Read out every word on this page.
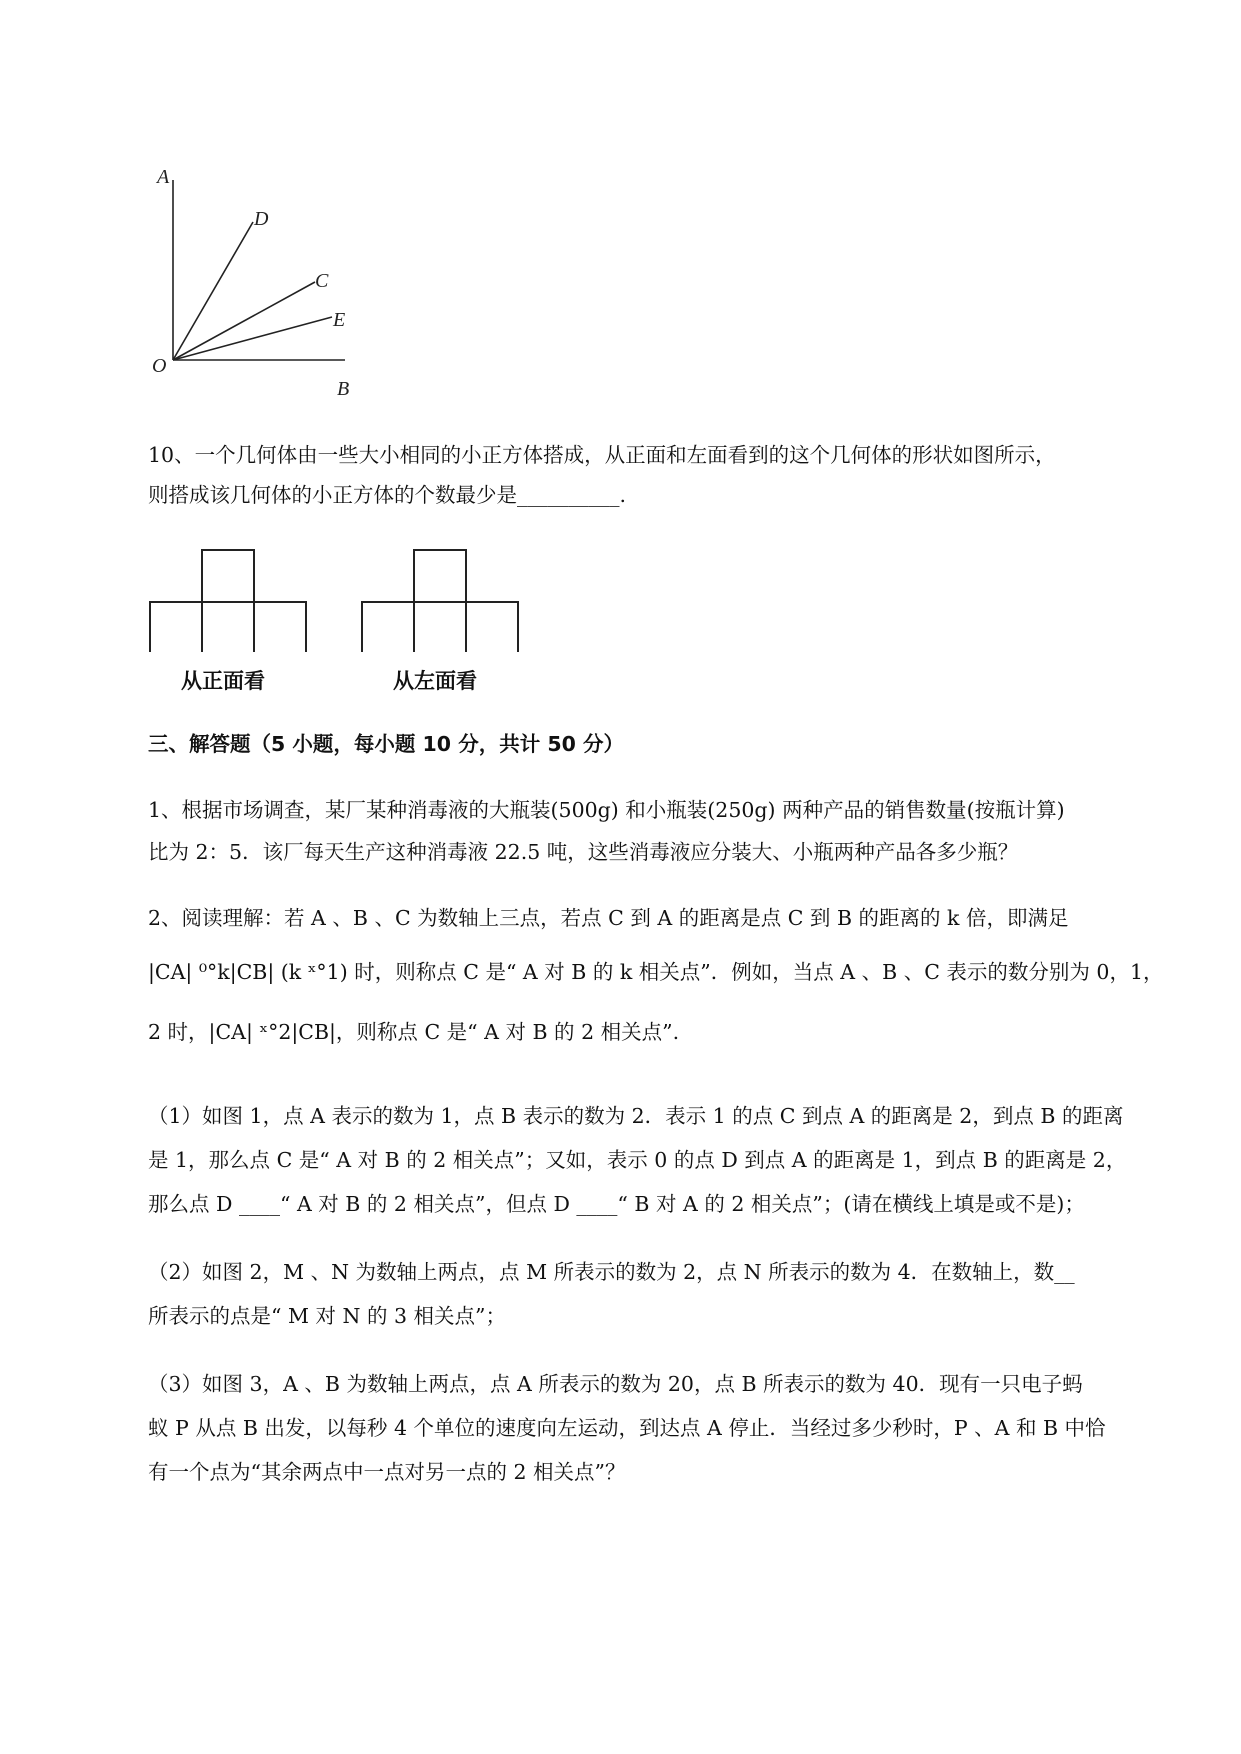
A
D
C
E
O
B

10、一个几何体由一些大小相同的小正方体搭成，从正面和左面看到的这个几何体的形状如图所示，

则搭成该几何体的小正方体的个数最少是__________.

从正面看	从左面看

三、解答题（5 小题，每小题 10 分，共计 50 分）

1、根据市场调查，某厂某种消毒液的大瓶装(500g) 和小瓶装(250g) 两种产品的销售数量(按瓶计算)

比为 2：5．该厂每天生产这种消毒液 22.5 吨，这些消毒液应分装大、小瓶两种产品各多少瓶？

2、阅读理解：若 A 、B 、C 为数轴上三点，若点 C 到 A 的距离是点 C 到 B 的距离的 k 倍，即满足

|CA| ⁰°k|CB| (k ˣ°1) 时，则称点 C 是“ A 对 B 的 k 相关点”．例如，当点 A 、B 、C 表示的数分别为 0，1，

2 时，|CA| ˣ°2|CB|，则称点 C 是“ A 对 B 的 2 相关点”.

（1）如图 1，点 A 表示的数为 1，点 B 表示的数为 2．表示 1 的点 C 到点 A 的距离是 2，到点 B 的距离

是 1，那么点 C 是“ A 对 B 的 2 相关点”；又如，表示 0 的点 D 到点 A 的距离是 1，到点 B 的距离是 2，

那么点 D ____“ A 对 B 的 2 相关点”，但点 D ____“ B 对 A 的 2 相关点”；(请在横线上填是或不是)；

（2）如图 2，M 、N 为数轴上两点，点 M 所表示的数为 2，点 N 所表示的数为 4．在数轴上，数__

所表示的点是“ M 对 N 的 3 相关点”；

（3）如图 3，A 、B 为数轴上两点，点 A 所表示的数为 20，点 B 所表示的数为 40．现有一只电子蚂

蚁 P 从点 B 出发，以每秒 4 个单位的速度向左运动，到达点 A 停止．当经过多少秒时，P 、A 和 B 中恰

有一个点为“其余两点中一点对另一点的 2 相关点”？
